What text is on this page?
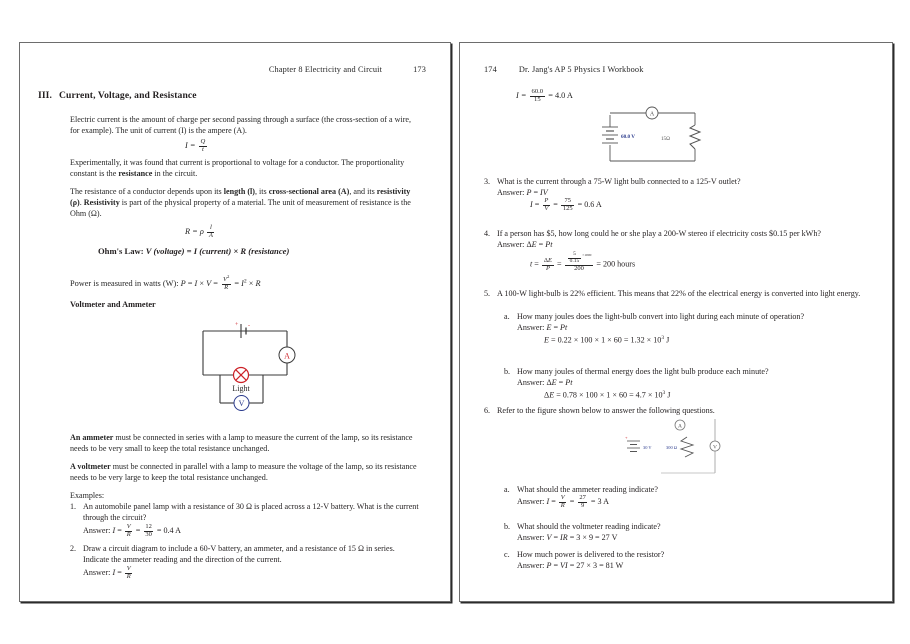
Chapter 8 Electricity and Circuit	173
III. Current, Voltage, and Resistance
Electric current is the amount of charge per second passing through a surface (the cross-section of a wire, for example). The unit of current (I) is the ampere (A).
$I = \frac{Q}{t}$
Experimentally, it was found that current is proportional to voltage for a conductor. The proportionality constant is the resistance in the circuit.
The resistance of a conductor depends upon its length (l), its cross-sectional area (A), and its resistivity (ρ). Resistivity is part of the physical property of a material. The unit of measurement of resistance is the Ohm (Ω).
R = ρ $\frac{l}{A}$
Ohm's Law: V (voltage) = I (current) × R (resistance)
Power is measured in watts (W): $P = I \times V = \frac{V^2}{R} = I^2 \times R$
Voltmeter and Ammeter
+ -
A
V
Light
An ammeter must be connected in series with a lamp to measure the current of the lamp, so its resistance needs to be very small to keep the total resistance unchanged.
A voltmeter must be connected in parallel with a lamp to measure the voltage of the lamp, so its resistance needs to be very large to keep the total resistance unchanged.
Examples:
1. An automobile panel lamp with a resistance of 30 Ω is placed across a 12-V battery. What is the current through the circuit?
Answer: $I = \frac{V}{R} = \frac{12}{30} = 0.4$ A
2. Draw a circuit diagram to include a 60-V battery, an ammeter, and a resistance of 15 Ω in series. Indicate the ammeter reading and the direction of the current.
Answer: $I = \frac{V}{R}$
174	Dr. Jang's AP 5 Physics I Workbook
$I = \frac{60.0}{15} = 4.0$ A
60.0 V
A
15Ω
3. What is the current through a 75-W light bulb connected to a 125-V outlet?
Answer: P = IV
$I = \frac{P}{V} = \frac{75}{125} = 0.6$ A
4. If a person has $5, how long could he or she play a 200-W stereo if electricity costs $0.15 per kWh?
Answer: ΔE = Pt
$t = \frac{\Delta E}{P} = \frac{\frac{5}{0.15} ^{\times 1000}}{200} = 200$ hours
5. A 100-W light-bulb is 22% efficient. This means that 22% of the electrical energy is converted into light energy.
a. How many joules does the light-bulb convert into light during each minute of operation?
Answer: E = Pt
$E = 0.22 \times 100 \times 1 \times 60 = 1.32 \times 10^3$ J
b. How many joules of thermal energy does the light bulb produce each minute?
Answer: ΔE = Pt
$\Delta E = 0.78 \times 100 \times 1 \times 60 = 4.7 \times 10^3$ J
6. Refer to the figure shown below to answer the following questions.
A
+
30 V	300 Ω	V
a. What should the ammeter reading indicate?
Answer: $I = \frac{V}{R} = \frac{27}{9} = 3$ A
b. What should the voltmeter reading indicate?
Answer: V = IR = 3 × 9 = 27 V
c. How much power is delivered to the resistor?
Answer: P = VI = 27 × 3 = 81 W
